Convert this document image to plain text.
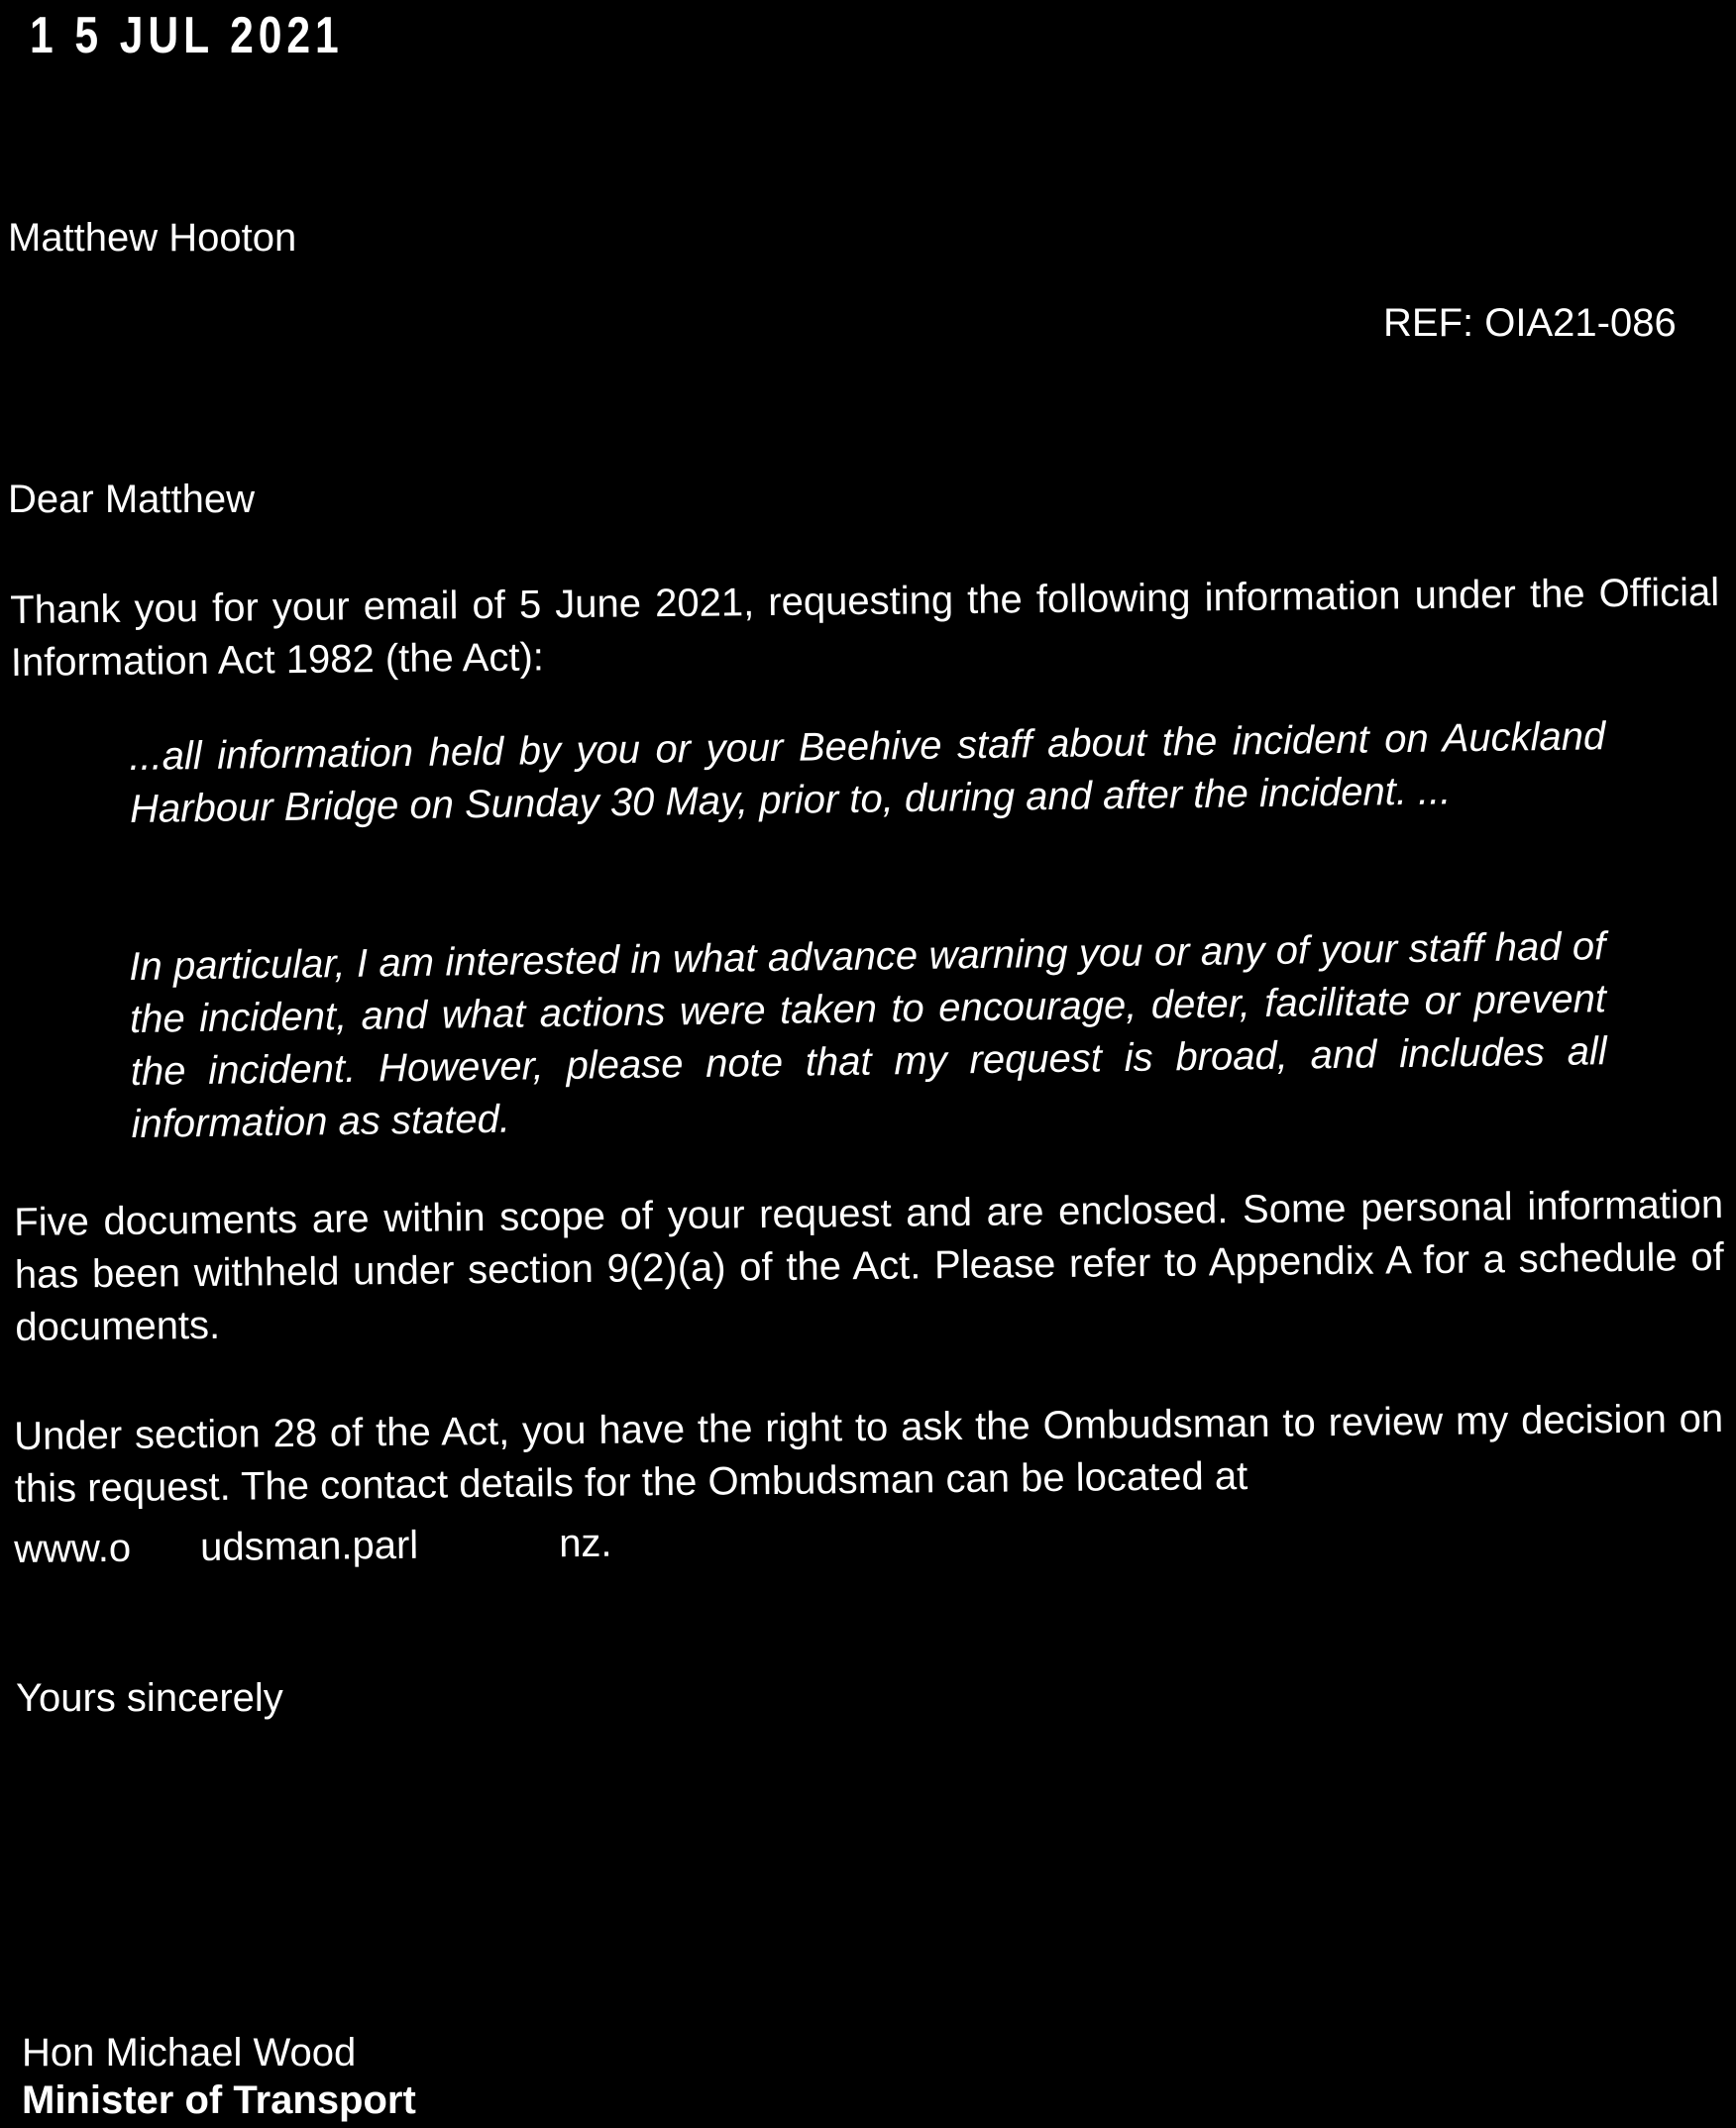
1 5 JUL 2021
Matthew Hooton
REF: OIA21-086
Dear Matthew
Thank you for your email of 5 June 2021, requesting the following information under the Official Information Act 1982 (the Act):
...all information held by you or your Beehive staff about the incident on Auckland Harbour Bridge on Sunday 30 May, prior to, during and after the incident. ...
In particular, I am interested in what advance warning you or any of your staff had of the incident, and what actions were taken to encourage, deter, facilitate or prevent the incident. However, please note that my request is broad, and includes all information as stated.
Five documents are within scope of your request and are enclosed. Some personal information has been withheld under section 9(2)(a) of the Act. Please refer to Appendix A for a schedule of documents.
Under section 28 of the Act, you have the right to ask the Ombudsman to review my decision on this request. The contact details for the Ombudsman can be located at
www.o udsman.parl	nz.
Yours sincerely
Hon Michael Wood
Minister of Transport
